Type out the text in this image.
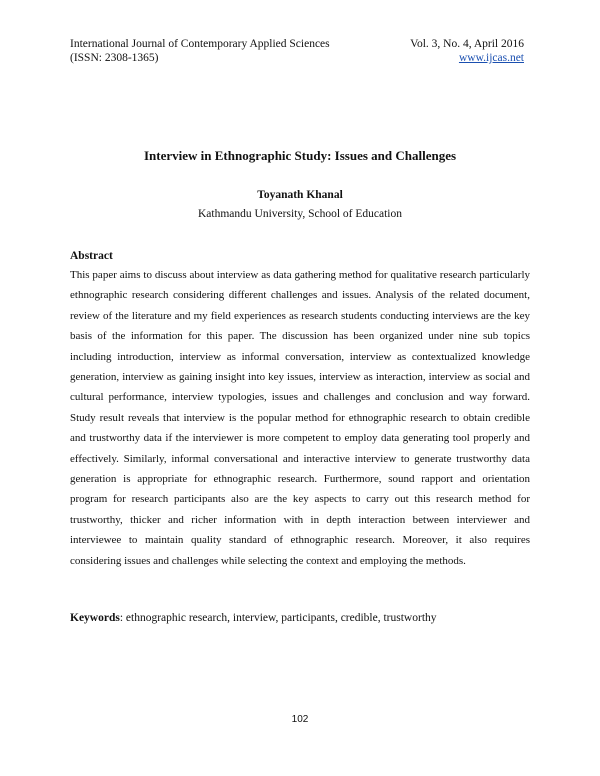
International Journal of Contemporary Applied Sciences	Vol. 3, No. 4, April 2016
(ISSN: 2308-1365)	www.ijcas.net
Interview in Ethnographic Study: Issues and Challenges
Toyanath Khanal
Kathmandu University, School of Education
Abstract

This paper aims to discuss about interview as data gathering method for qualitative research particularly ethnographic research considering different challenges and issues. Analysis of the related document, review of the literature and my field experiences as research students conducting interviews are the key basis of the information for this paper. The discussion has been organized under nine sub topics including introduction, interview as informal conversation, interview as contextualized knowledge generation, interview as gaining insight into key issues, interview as interaction, interview as social and cultural performance, interview typologies, issues and challenges and conclusion and way forward. Study result reveals that interview is the popular method for ethnographic research to obtain credible and trustworthy data if the interviewer is more competent to employ data generating tool properly and effectively. Similarly, informal conversational and interactive interview to generate trustworthy data generation is appropriate for ethnographic research. Furthermore, sound rapport and orientation program for research participants also are the key aspects to carry out this research method for trustworthy, thicker and richer information with in depth interaction between interviewer and interviewee to maintain quality standard of ethnographic research. Moreover, it also requires considering issues and challenges while selecting the context and employing the methods.

Keywords: ethnographic research, interview, participants, credible, trustworthy
102
